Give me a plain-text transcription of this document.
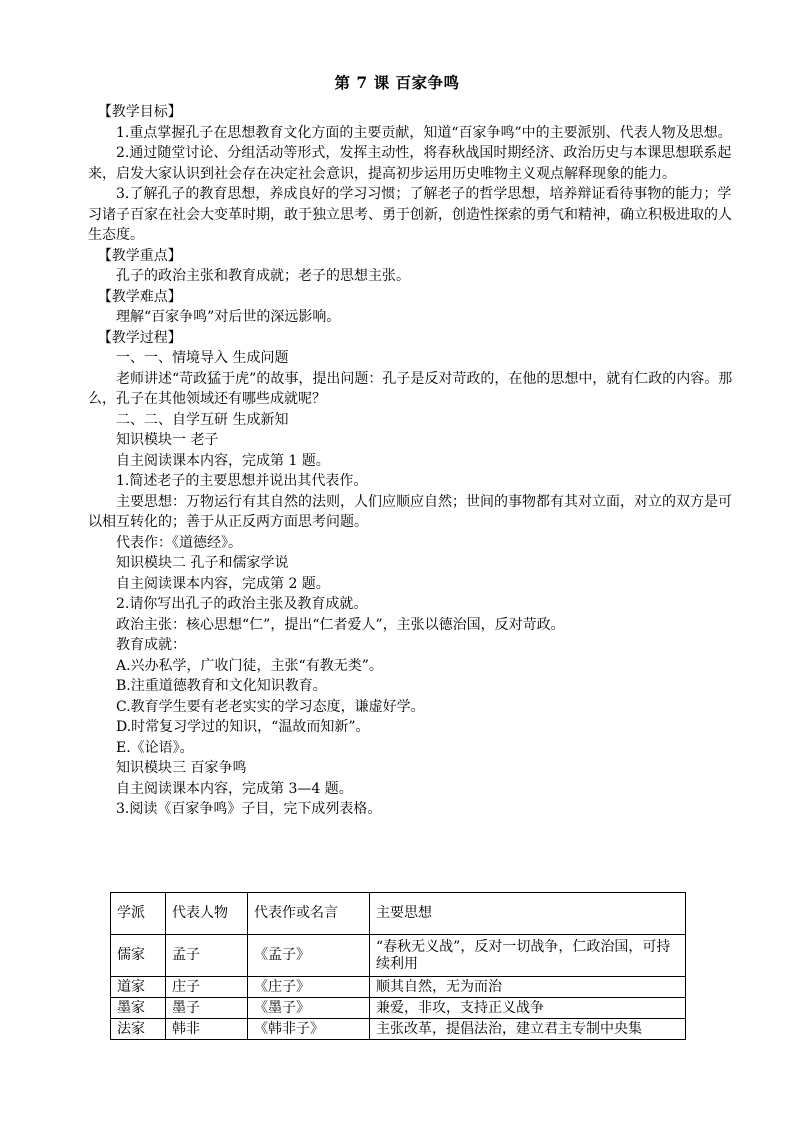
第 7 课 百家争鸣
【教学目标】
1.重点掌握孔子在思想教育文化方面的主要贡献，知道“百家争鸣”中的主要派别、代表人物及思想。
2.通过随堂讨论、分组活动等形式，发挥主动性，将春秋战国时期经济、政治历史与本课思想联系起来，启发大家认识到社会存在决定社会意识，提高初步运用历史唯物主义观点解释现象的能力。
3.了解孔子的教育思想，养成良好的学习习惯；了解老子的哲学思想，培养辩证看待事物的能力；学习诸子百家在社会大变革时期，敢于独立思考、勇于创新，创造性探索的勇气和精神，确立积极进取的人生态度。
【教学重点】
孔子的政治主张和教育成就；老子的思想主张。
【教学难点】
理解“百家争鸣”对后世的深远影响。
【教学过程】
一、一、情境导入 生成问题
老师讲述“苛政猛于虎”的故事，提出问题：孔子是反对苛政的，在他的思想中，就有仁政的内容。那么，孔子在其他领域还有哪些成就呢？
二、二、自学互研 生成新知
知识模块一 老子
自主阅读课本内容，完成第 1 题。
1.简述老子的主要思想并说出其代表作。
主要思想：万物运行有其自然的法则，人们应顺应自然；世间的事物都有其对立面，对立的双方是可以相互转化的；善于从正反两方面思考问题。
代表作：《道德经》。
知识模块二 孔子和儒家学说
自主阅读课本内容，完成第 2 题。
2.请你写出孔子的政治主张及教育成就。
政治主张：核心思想“仁”，提出“仁者爱人”，主张以德治国，反对苛政。
教育成就：
A.兴办私学，广收门徒，主张“有教无类”。
B.注重道德教育和文化知识教育。
C.教育学生要有老老实实的学习态度，谦虚好学。
D.时常复习学过的知识，“温故而知新”。
E.《论语》。
知识模块三 百家争鸣
自主阅读课本内容，完成第 3—4 题。
3.阅读《百家争鸣》子目，完下成列表格。
学派	代表人物	代表作或名言	主要思想
儒家	孟子	《孟子》	“春秋无义战”，反对一切战争，仁政治国，可持续利用
道家	庄子	《庄子》	顺其自然，无为而治
墨家	墨子	《墨子》	兼爱，非攻，支持正义战争
法家	韩非	《韩非子》	主张改革，提倡法治，建立君主专制中央集
